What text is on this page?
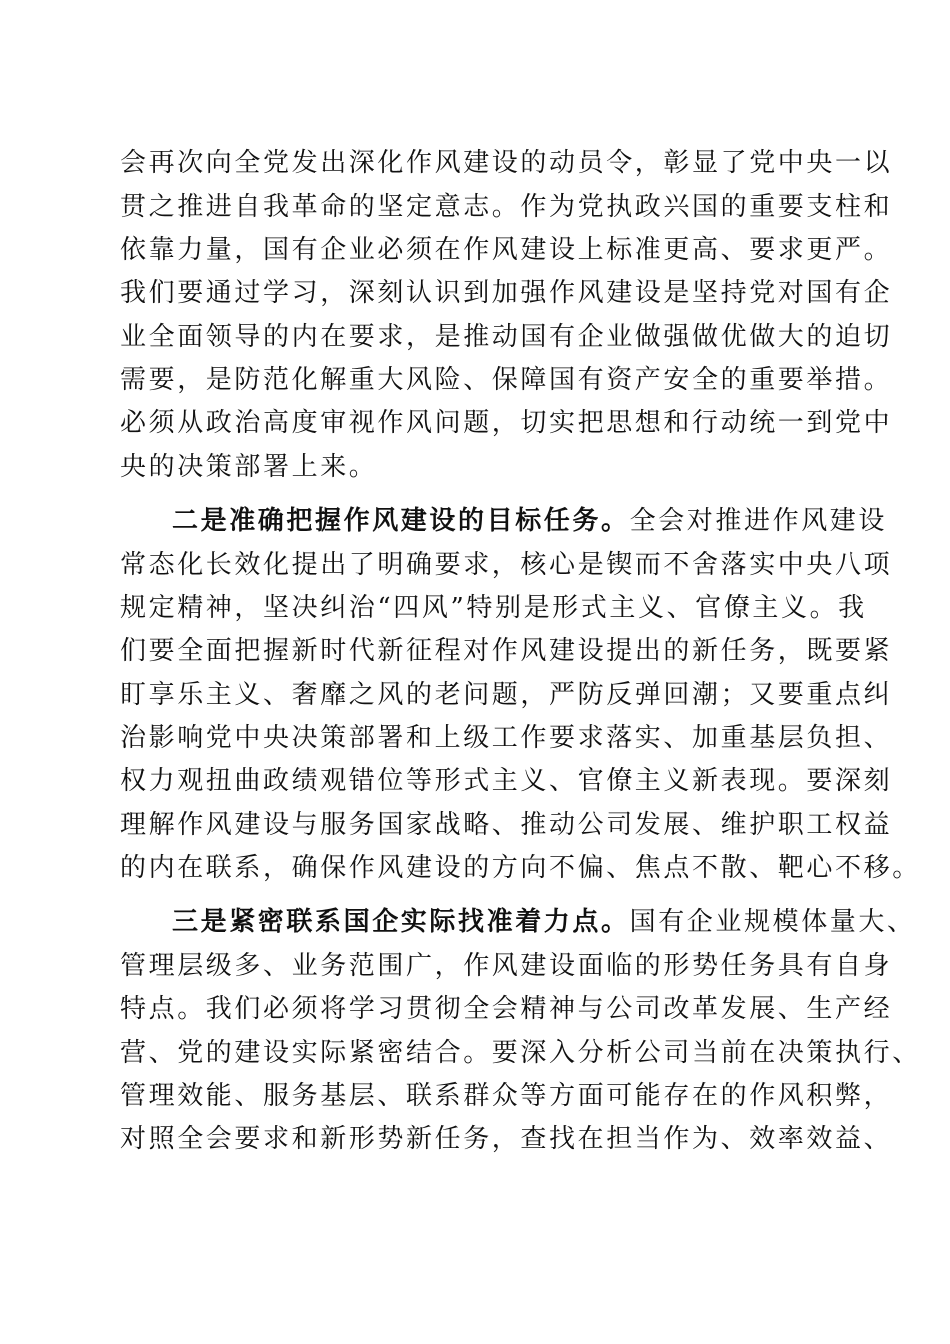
会再次向全党发出深化作风建设的动员令，彰显了党中央一以
贯之推进自我革命的坚定意志。作为党执政兴国的重要支柱和
依靠力量，国有企业必须在作风建设上标准更高、要求更严。
我们要通过学习，深刻认识到加强作风建设是坚持党对国有企
业全面领导的内在要求，是推动国有企业做强做优做大的迫切
需要，是防范化解重大风险、保障国有资产安全的重要举措。
必须从政治高度审视作风问题，切实把思想和行动统一到党中
央的决策部署上来。
二是准确把握作风建设的目标任务。全会对推进作风建设
常态化长效化提出了明确要求，核心是锲而不舍落实中央八项
规定精神，坚决纠治“四风”特别是形式主义、官僚主义。我
们要全面把握新时代新征程对作风建设提出的新任务，既要紧
盯享乐主义、奢靡之风的老问题，严防反弹回潮；又要重点纠
治影响党中央决策部署和上级工作要求落实、加重基层负担、
权力观扭曲政绩观错位等形式主义、官僚主义新表现。要深刻
理解作风建设与服务国家战略、推动公司发展、维护职工权益
的内在联系，确保作风建设的方向不偏、焦点不散、靶心不移。
三是紧密联系国企实际找准着力点。国有企业规模体量大、
管理层级多、业务范围广，作风建设面临的形势任务具有自身
特点。我们必须将学习贯彻全会精神与公司改革发展、生产经
营、党的建设实际紧密结合。要深入分析公司当前在决策执行、
管理效能、服务基层、联系群众等方面可能存在的作风积弊，
对照全会要求和新形势新任务，查找在担当作为、效率效益、
